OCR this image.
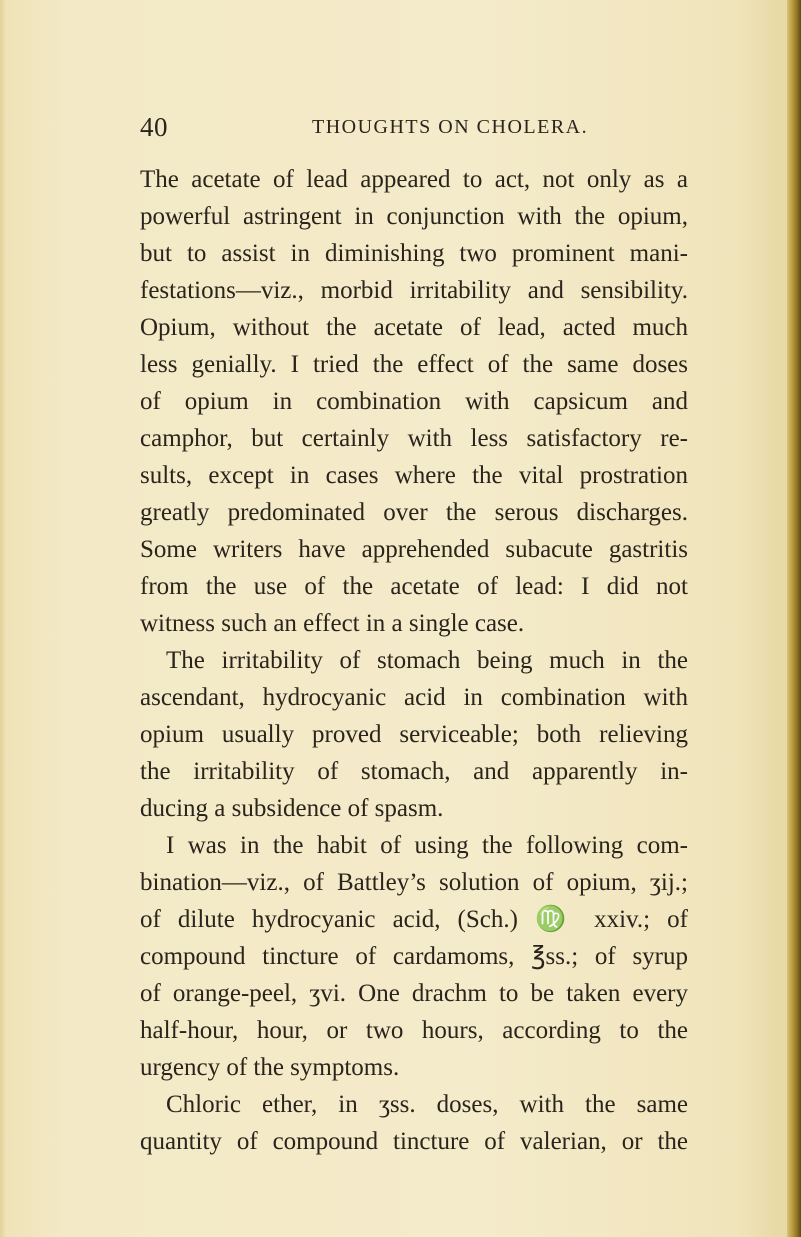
40	THOUGHTS ON CHOLERA.
The acetate of lead appeared to act, not only as a
powerful astringent in conjunction with the opium,
but to assist in diminishing two prominent mani-
festations—viz., morbid irritability and sensibility.
Opium, without the acetate of lead, acted much
less genially. I tried the effect of the same doses
of opium in combination with capsicum and
camphor, but certainly with less satisfactory re-
sults, except in cases where the vital prostration
greatly predominated over the serous discharges.
Some writers have apprehended subacute gastritis
from the use of the acetate of lead: I did not
witness such an effect in a single case.
The irritability of stomach being much in the
ascendant, hydrocyanic acid in combination with
opium usually proved serviceable; both relieving
the irritability of stomach, and apparently in-
ducing a subsidence of spasm.
I was in the habit of using the following com-
bination—viz., of Battley’s solution of opium, ʒij.;
of dilute hydrocyanic acid, (Sch.) ♍ xxiv.; of
compound tincture of cardamoms, ℥ss.; of syrup
of orange-peel, ʒvi. One drachm to be taken every
half-hour, hour, or two hours, according to the
urgency of the symptoms.
Chloric ether, in ʒss. doses, with the same
quantity of compound tincture of valerian, or the
